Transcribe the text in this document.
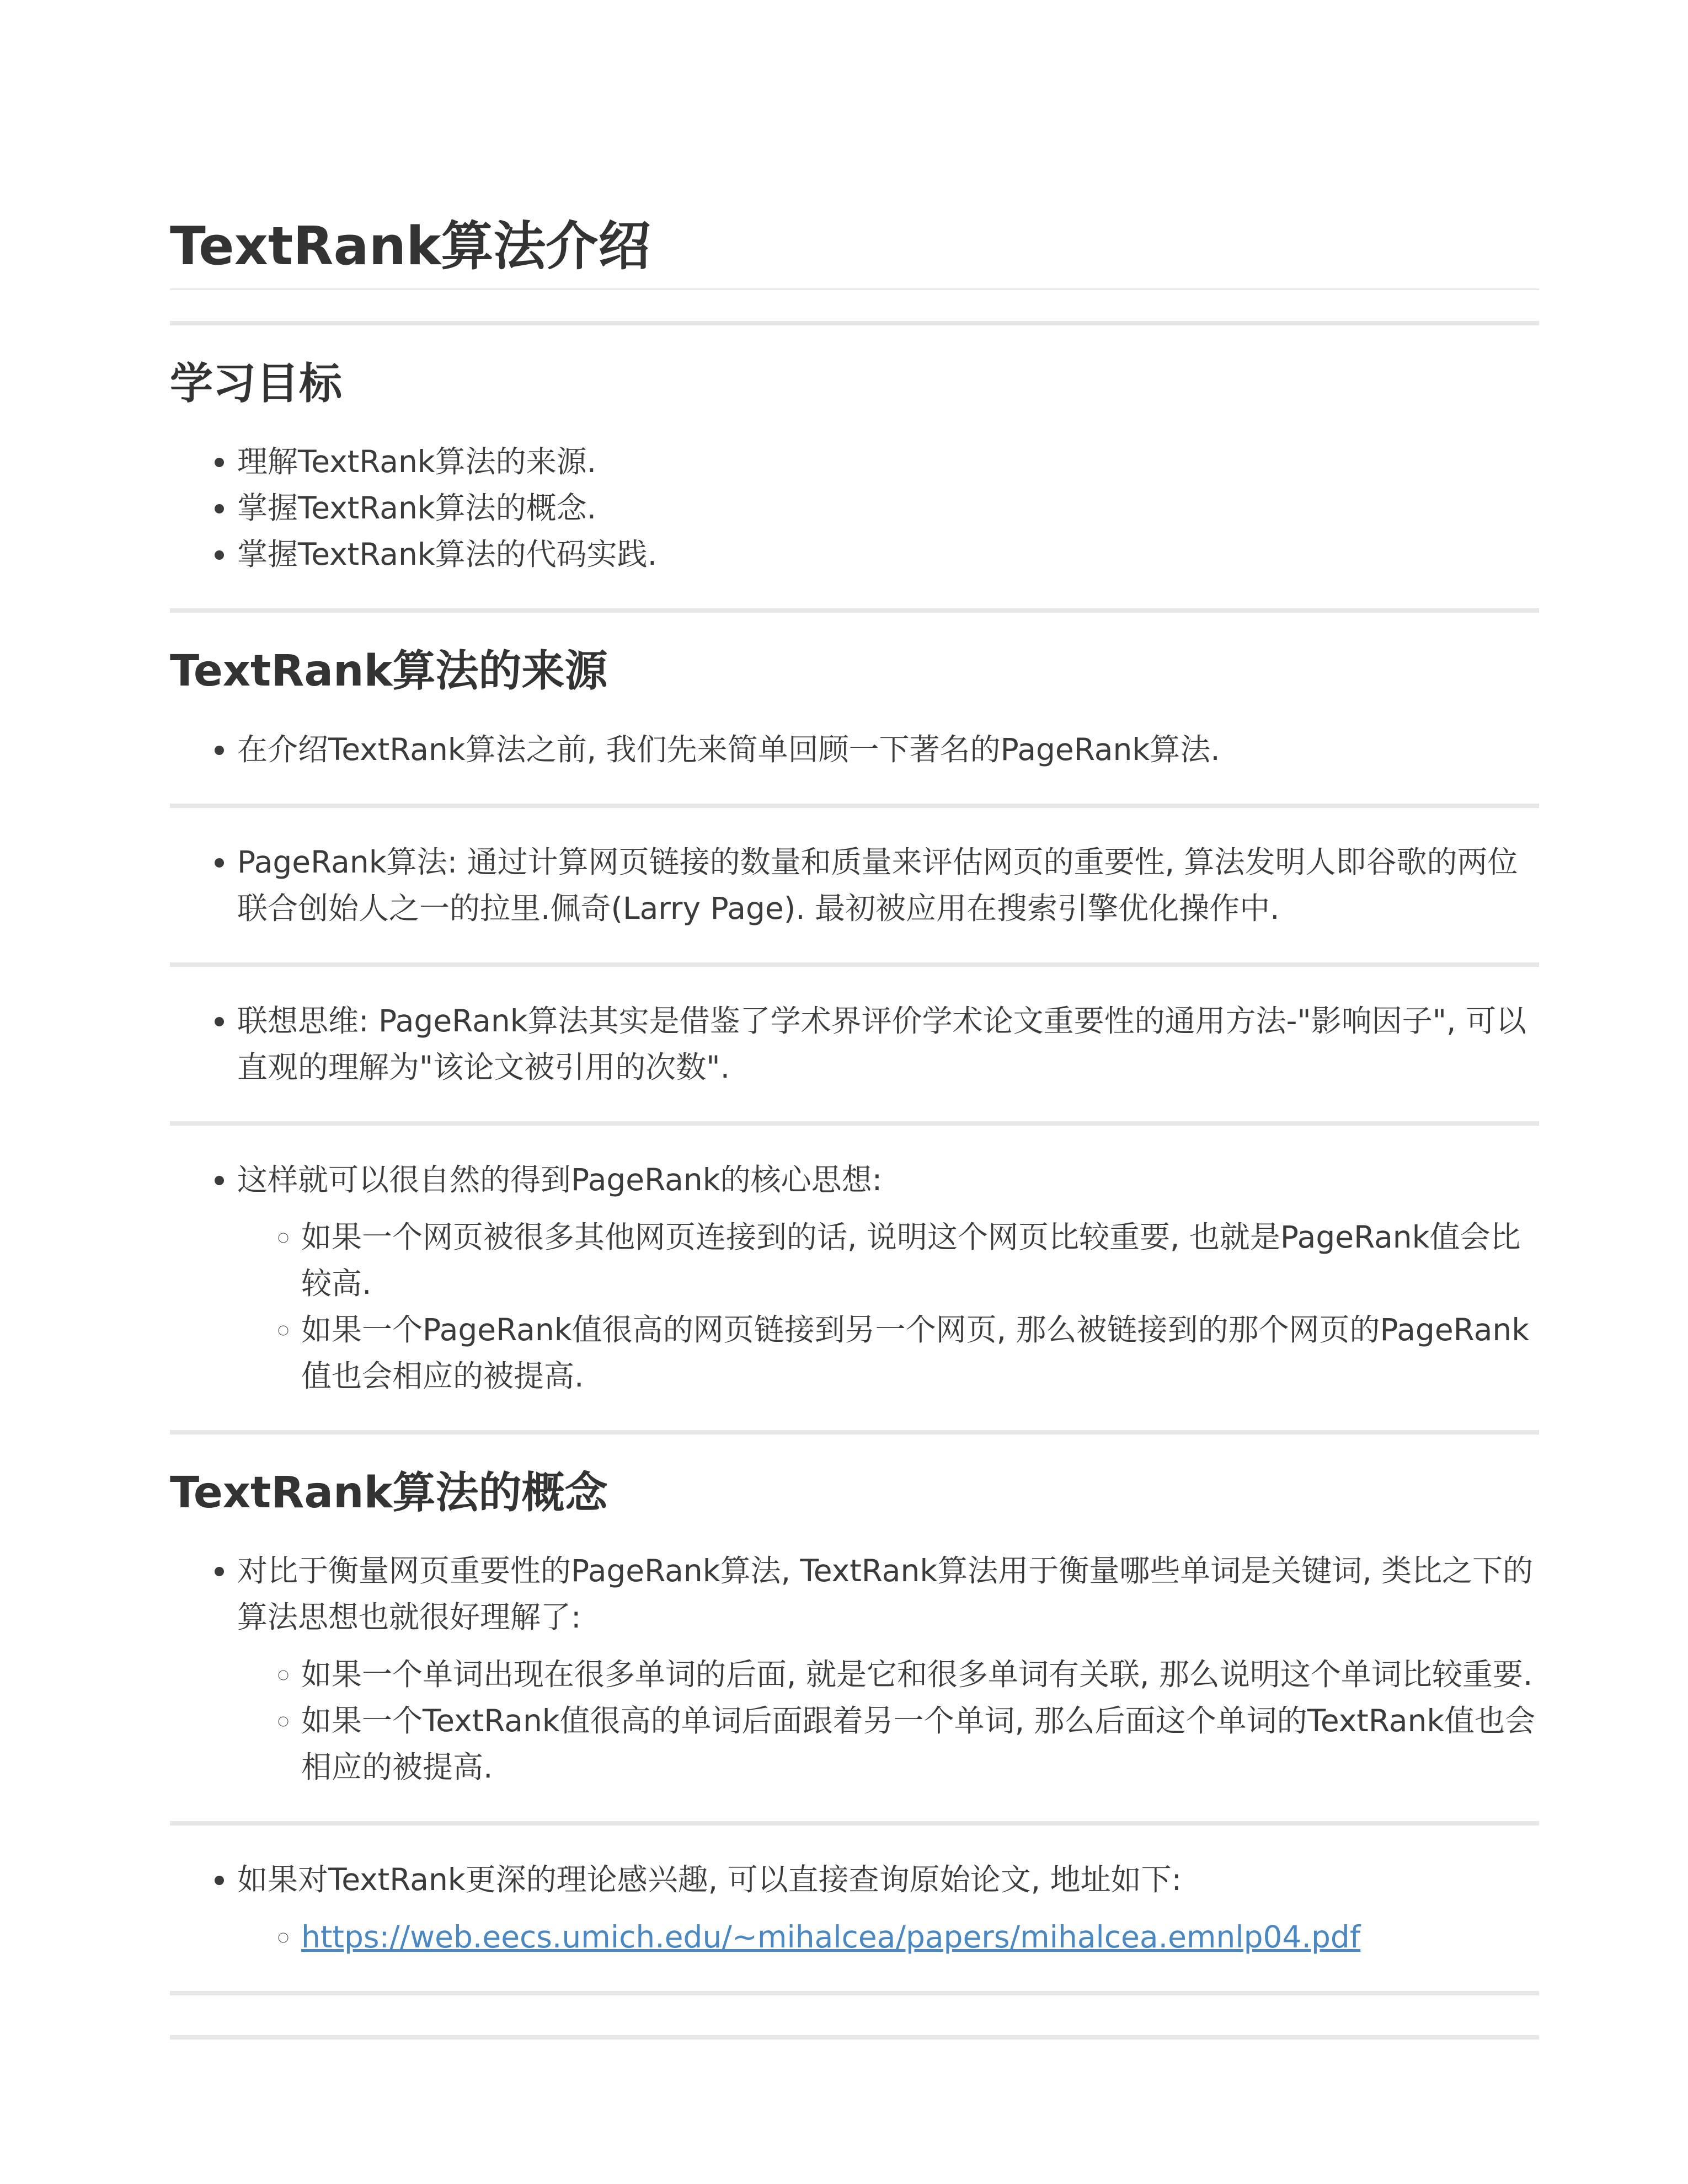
TextRank算法介绍
学习目标
• 理解TextRank算法的来源.
• 掌握TextRank算法的概念.
• 掌握TextRank算法的代码实践.
TextRank算法的来源
• 在介绍TextRank算法之前, 我们先来简单回顾一下著名的PageRank算法.
• PageRank算法: 通过计算网页链接的数量和质量来评估网页的重要性, 算法发明人即谷歌的两位联合创始人之一的拉里.佩奇(Larry Page). 最初被应用在搜索引擎优化操作中.
• 联想思维: PageRank算法其实是借鉴了学术界评价学术论文重要性的通用方法-"影响因子", 可以直观的理解为"该论文被引用的次数".
• 这样就可以很自然的得到PageRank的核心思想:
◦ 如果一个网页被很多其他网页连接到的话, 说明这个网页比较重要, 也就是PageRank值会比较高.
◦ 如果一个PageRank值很高的网页链接到另一个网页, 那么被链接到的那个网页的PageRank值也会相应的被提高.
TextRank算法的概念
• 对比于衡量网页重要性的PageRank算法, TextRank算法用于衡量哪些单词是关键词, 类比之下的算法思想也就很好理解了:
◦ 如果一个单词出现在很多单词的后面, 就是它和很多单词有关联, 那么说明这个单词比较重要.
◦ 如果一个TextRank值很高的单词后面跟着另一个单词, 那么后面这个单词的TextRank值也会相应的被提高.
• 如果对TextRank更深的理论感兴趣, 可以直接查询原始论文, 地址如下:
◦ https://web.eecs.umich.edu/~mihalcea/papers/mihalcea.emnlp04.pdf
